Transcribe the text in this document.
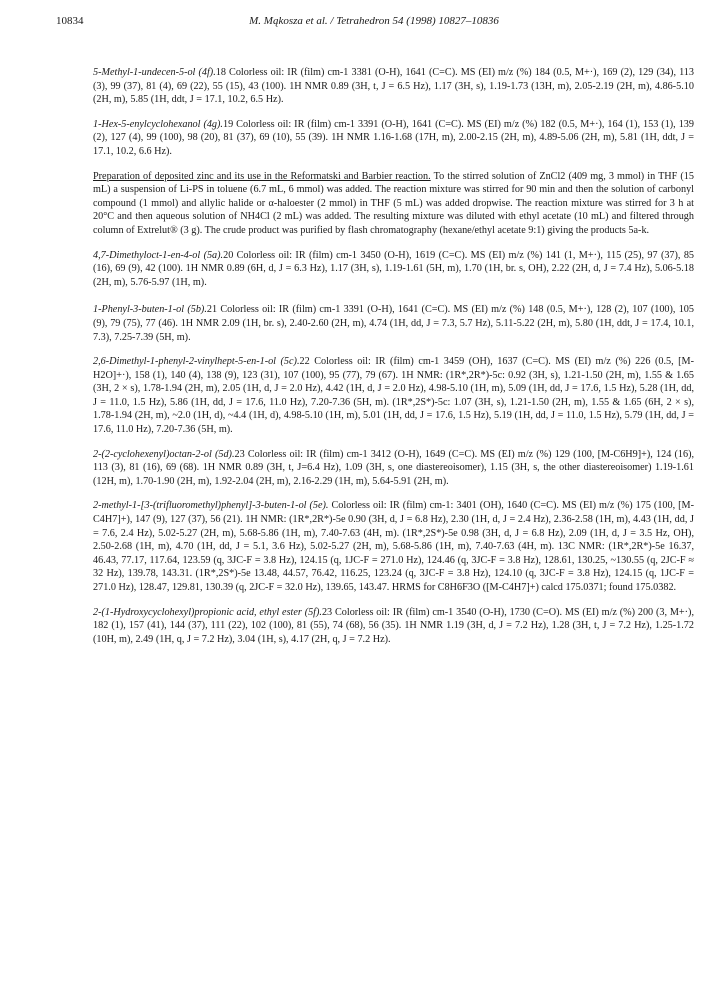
10834	M. Mąkosza et al. / Tetrahedron 54 (1998) 10827–10836

5-Methyl-1-undecen-5-ol (4f).18 Colorless oil: IR (film) cm-1 3381 (O-H), 1641 (C=C). MS (EI) m/z (%) 184 (0.5, M+·), 169 (2), 129 (34), 113 (3), 99 (37), 81 (4), 69 (22), 55 (15), 43 (100). 1H NMR 0.89 (3H, t, J = 6.5 Hz), 1.17 (3H, s), 1.19-1.73 (13H, m), 2.05-2.19 (2H, m), 4.86-5.10 (2H, m), 5.85 (1H, ddt, J = 17.1, 10.2, 6.5 Hz).

1-Hex-5-enylcyclohexanol (4g).19 Colorless oil: IR (film) cm-1 3391 (O-H), 1641 (C=C). MS (EI) m/z (%) 182 (0.5, M+·), 164 (1), 153 (1), 139 (2), 127 (4), 99 (100), 98 (20), 81 (37), 69 (10), 55 (39). 1H NMR 1.16-1.68 (17H, m), 2.00-2.15 (2H, m), 4.89-5.06 (2H, m), 5.81 (1H, ddt, J = 17.1, 10.2, 6.6 Hz).

Preparation of deposited zinc and its use in the Reformatski and Barbier reaction. To the stirred solution of ZnCl2 (409 mg, 3 mmol) in THF (15 mL) a suspension of Li-PS in toluene (6.7 mL, 6 mmol) was added. The reaction mixture was stirred for 90 min and then the solution of carbonyl compound (1 mmol) and allylic halide or α-haloester (2 mmol) in THF (5 mL) was added dropwise. The reaction mixture was stirred for 3 h at 20°C and then aqueous solution of NH4Cl (2 mL) was added. The resulting mixture was diluted with ethyl acetate (10 mL) and filtered through column of Extrelut® (3 g). The crude product was purified by flash chromatography (hexane/ethyl acetate 9:1) giving the products 5a-k.

4,7-Dimethyloct-1-en-4-ol (5a).20 Colorless oil: IR (film) cm-1 3450 (O-H), 1619 (C=C). MS (EI) m/z (%) 141 (1, M+·), 115 (25), 97 (37), 85 (16), 69 (9), 42 (100). 1H NMR 0.89 (6H, d, J = 6.3 Hz), 1.17 (3H, s), 1.19-1.61 (5H, m), 1.70 (1H, br. s, OH), 2.22 (2H, d, J = 7.4 Hz), 5.06-5.18 (2H, m), 5.76-5.97 (1H, m).

1-Phenyl-3-buten-1-ol (5b).21 Colorless oil: IR (film) cm-1 3391 (O-H), 1641 (C=C). MS (EI) m/z (%) 148 (0.5, M+·), 128 (2), 107 (100), 105 (9), 79 (75), 77 (46). 1H NMR 2.09 (1H, br. s), 2.40-2.60 (2H, m), 4.74 (1H, dd, J = 7.3, 5.7 Hz), 5.11-5.22 (2H, m), 5.80 (1H, ddt, J = 17.4, 10.1, 7.3), 7.25-7.39 (5H, m).

2,6-Dimethyl-1-phenyl-2-vinylhept-5-en-1-ol (5c).22 Colorless oil: IR (film) cm-1 3459 (OH), 1637 (C=C). MS (EI) m/z (%) 226 (0.5, [M-H2O]+·), 158 (1), 140 (4), 138 (9), 123 (31), 107 (100), 95 (77), 79 (67). 1H NMR: (1R*,2R*)-5c: 0.92 (3H, s), 1.21-1.50 (2H, m), 1.55 & 1.65 (3H, 2 × s), 1.78-1.94 (2H, m), 2.05 (1H, d, J = 2.0 Hz), 4.42 (1H, d, J = 2.0 Hz), 4.98-5.10 (1H, m), 5.09 (1H, dd, J = 17.6, 1.5 Hz), 5.28 (1H, dd, J = 11.0, 1.5 Hz), 5.86 (1H, dd, J = 17.6, 11.0 Hz), 7.20-7.36 (5H, m). (1R*,2S*)-5c: 1.07 (3H, s), 1.21-1.50 (2H, m), 1.55 & 1.65 (6H, 2 × s), 1.78-1.94 (2H, m), ~2.0 (1H, d), ~4.4 (1H, d), 4.98-5.10 (1H, m), 5.01 (1H, dd, J = 17.6, 1.5 Hz), 5.19 (1H, dd, J = 11.0, 1.5 Hz), 5.79 (1H, dd, J = 17.6, 11.0 Hz), 7.20-7.36 (5H, m).

2-(2-cyclohexenyl)octan-2-ol (5d).23 Colorless oil: IR (film) cm-1 3412 (O-H), 1649 (C=C). MS (EI) m/z (%) 129 (100, [M-C6H9]+), 124 (16), 113 (3), 81 (16), 69 (68). 1H NMR 0.89 (3H, t, J=6.4 Hz), 1.09 (3H, s, one diastereoisomer), 1.15 (3H, s, the other diastereoisomer) 1.19-1.61 (12H, m), 1.70-1.90 (2H, m), 1.92-2.04 (2H, m), 2.16-2.29 (1H, m), 5.64-5.91 (2H, m).

2-methyl-1-[3-(trifluoromethyl)phenyl]-3-buten-1-ol (5e). Colorless oil: IR (film) cm-1: 3401 (OH), 1640 (C=C). MS (EI) m/z (%) 175 (100, [M-C4H7]+), 147 (9), 127 (37), 56 (21). 1H NMR: (1R*,2R*)-5e 0.90 (3H, d, J = 6.8 Hz), 2.30 (1H, d, J = 2.4 Hz), 2.36-2.58 (1H, m), 4.43 (1H, dd, J = 7.6, 2.4 Hz), 5.02-5.27 (2H, m), 5.68-5.86 (1H, m), 7.40-7.63 (4H, m). (1R*,2S*)-5e 0.98 (3H, d, J = 6.8 Hz), 2.09 (1H, d, J = 3.5 Hz, OH), 2.50-2.68 (1H, m), 4.70 (1H, dd, J = 5.1, 3.6 Hz), 5.02-5.27 (2H, m), 5.68-5.86 (1H, m), 7.40-7.63 (4H, m). 13C NMR: (1R*,2R*)-5e 16.37, 46.43, 77.17, 117.64, 123.59 (q, 3JC-F = 3.8 Hz), 124.15 (q, 1JC-F = 271.0 Hz), 124.46 (q, 3JC-F = 3.8 Hz), 128.61, 130.25, ~130.55 (q, 2JC-F ≈ 32 Hz), 139.78, 143.31. (1R*,2S*)-5e 13.48, 44.57, 76.42, 116.25, 123.24 (q, 3JC-F = 3.8 Hz), 124.10 (q, 3JC-F = 3.8 Hz), 124.15 (q, 1JC-F = 271.0 Hz), 128.47, 129.81, 130.39 (q, 2JC-F = 32.0 Hz), 139.65, 143.47. HRMS for C8H6F3O ([M-C4H7]+) calcd 175.0371; found 175.0382.

2-(1-Hydroxycyclohexyl)propionic acid, ethyl ester (5f).23 Colorless oil: IR (film) cm-1 3540 (O-H), 1730 (C=O). MS (EI) m/z (%) 200 (3, M+·), 182 (1), 157 (41), 144 (37), 111 (22), 102 (100), 81 (55), 74 (68), 56 (35). 1H NMR 1.19 (3H, d, J = 7.2 Hz), 1.28 (3H, t, J = 7.2 Hz), 1.25-1.72 (10H, m), 2.49 (1H, q, J = 7.2 Hz), 3.04 (1H, s), 4.17 (2H, q, J = 7.2 Hz).
